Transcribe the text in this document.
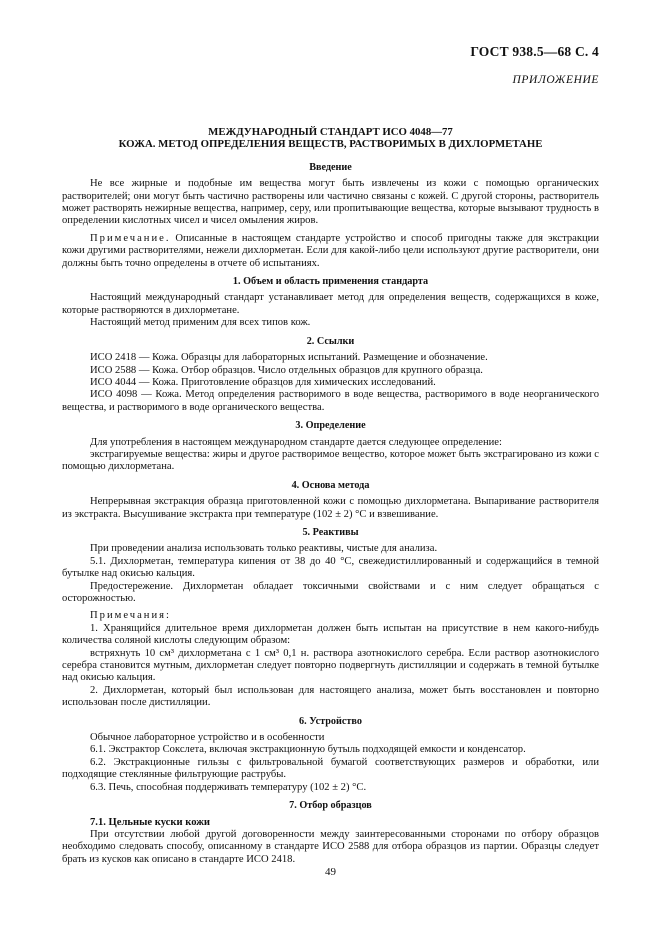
ГОСТ 938.5—68 С. 4
ПРИЛОЖЕНИЕ
МЕЖДУНАРОДНЫЙ СТАНДАРТ ИСО 4048—77
КОЖА. МЕТОД ОПРЕДЕЛЕНИЯ ВЕЩЕСТВ, РАСТВОРИМЫХ В ДИХЛОРМЕТАНЕ
Введение

Не все жирные и подобные им вещества могут быть извлечены из кожи с помощью органических растворителей; они могут быть частично растворены или частично связаны с кожей. С другой стороны, растворитель может растворять нежирные вещества, например, серу, или пропитывающие вещества, которые вызывают трудность в определении кислотных чисел и чисел омыления жиров.

Примечание. Описанные в настоящем стандарте устройство и способ пригодны также для экстракции кожи другими растворителями, нежели дихлорметан. Если для какой-либо цели используют другие растворители, они должны быть точно определены в отчете об испытаниях.

1. Объем и область применения стандарта

Настоящий международный стандарт устанавливает метод для определения веществ, содержащихся в коже, которые растворяются в дихлорметане.

Настоящий метод применим для всех типов кож.

2. Ссылки

ИСО 2418 — Кожа. Образцы для лабораторных испытаний. Размещение и обозначение.

ИСО 2588 — Кожа. Отбор образцов. Число отдельных образцов для крупного образца.

ИСО 4044 — Кожа. Приготовление образцов для химических исследований.

ИСО 4098 — Кожа. Метод определения растворимого в воде вещества, растворимого в воде неорганического вещества, и растворимого в воде органического вещества.

3. Определение

Для употребления в настоящем международном стандарте дается следующее определение:

экстрагируемые вещества: жиры и другое растворимое вещество, которое может быть экстрагировано из кожи с помощью дихлорметана.

4. Основа метода

Непрерывная экстракция образца приготовленной кожи с помощью дихлорметана. Выпаривание растворителя из экстракта. Высушивание экстракта при температуре (102 ± 2) °С и взвешивание.

5. Реактивы

При проведении анализа использовать только реактивы, чистые для анализа.

5.1. Дихлорметан, температура кипения от 38 до 40 °С, свежедистиллированный и содержащийся в темной бутылке над окисью кальция.

Предостережение. Дихлорметан обладает токсичными свойствами и с ним следует обращаться с осторожностью.

Примечания:

1. Хранящийся длительное время дихлорметан должен быть испытан на присутствие в нем какого-нибудь количества соляной кислоты следующим образом:

встряхнуть 10 см³ дихлорметана с 1 см³ 0,1 н. раствора азотнокислого серебра. Если раствор азотнокислого серебра становится мутным, дихлорметан следует повторно подвергнуть дистилляции и содержать в темной бутылке над окисью кальция.

2. Дихлорметан, который был использован для настоящего анализа, может быть восстановлен и повторно использован после дистилляции.

6. Устройство

Обычное лабораторное устройство и в особенности

6.1. Экстрактор Сокслета, включая экстракционную бутыль подходящей емкости и конденсатор.

6.2. Экстракционные гильзы с фильтровальной бумагой соответствующих размеров и обработки, или подходящие стеклянные фильтрующие раструбы.

6.3. Печь, способная поддерживать температуру (102 ± 2) °С.

7. Отбор образцов

7.1. Цельные куски кожи

При отсутствии любой другой договоренности между заинтересованными сторонами по отбору образцов необходимо следовать способу, описанному в стандарте ИСО 2588 для отбора образцов из партии. Образцы следует брать из кусков как описано в стандарте ИСО 2418.

49
